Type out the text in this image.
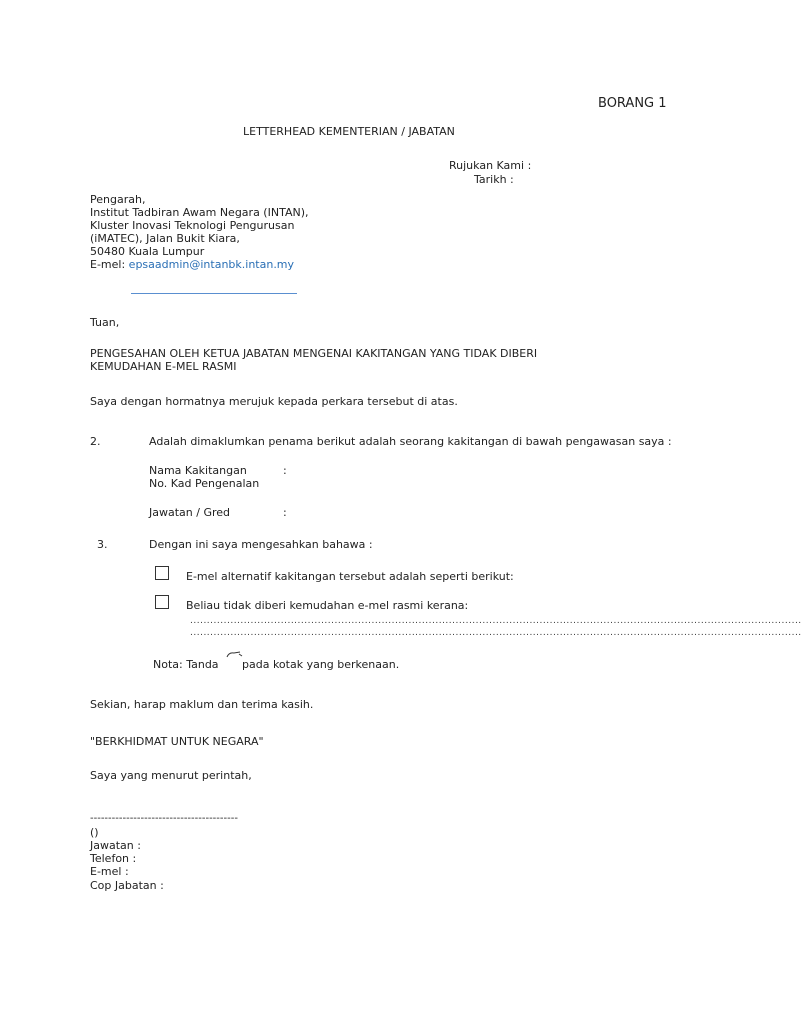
BORANG 1
LETTERHEAD KEMENTERIAN / JABATAN
Rujukan Kami :
Tarikh :
Pengarah,
Institut Tadbiran Awam Negara (INTAN),
Kluster Inovasi Teknologi Pengurusan
(iMATEC), Jalan Bukit Kiara,
50480 Kuala Lumpur
E-mel: epsaadmin@intanbk.intan.my
Tuan,
PENGESAHAN OLEH KETUA JABATAN MENGENAI KAKITANGAN YANG TIDAK DIBERI
KEMUDAHAN E-MEL RASMI
Saya dengan hormatnya merujuk kepada perkara tersebut di atas.
2.	Adalah dimaklumkan penama berikut adalah seorang kakitangan di bawah pengawasan saya :
Nama Kakitangan	:
No. Kad Pengenalan
Jawatan / Gred	:
3.	Dengan ini saya mengesahkan bahawa :
E-mel alternatif kakitangan tersebut adalah seperti berikut:
Beliau tidak diberi kemudahan e-mel rasmi kerana:
......................................................................................................................................................................................
......................................................................................................................................................................................
Nota: Tanda pada kotak yang berkenaan.
Sekian, harap maklum dan terima kasih.
"BERKHIDMAT UNTUK NEGARA"
Saya yang menurut perintah,
-----------------------------------------
()
Jawatan :
Telefon :
E-mel :
Cop Jabatan :
